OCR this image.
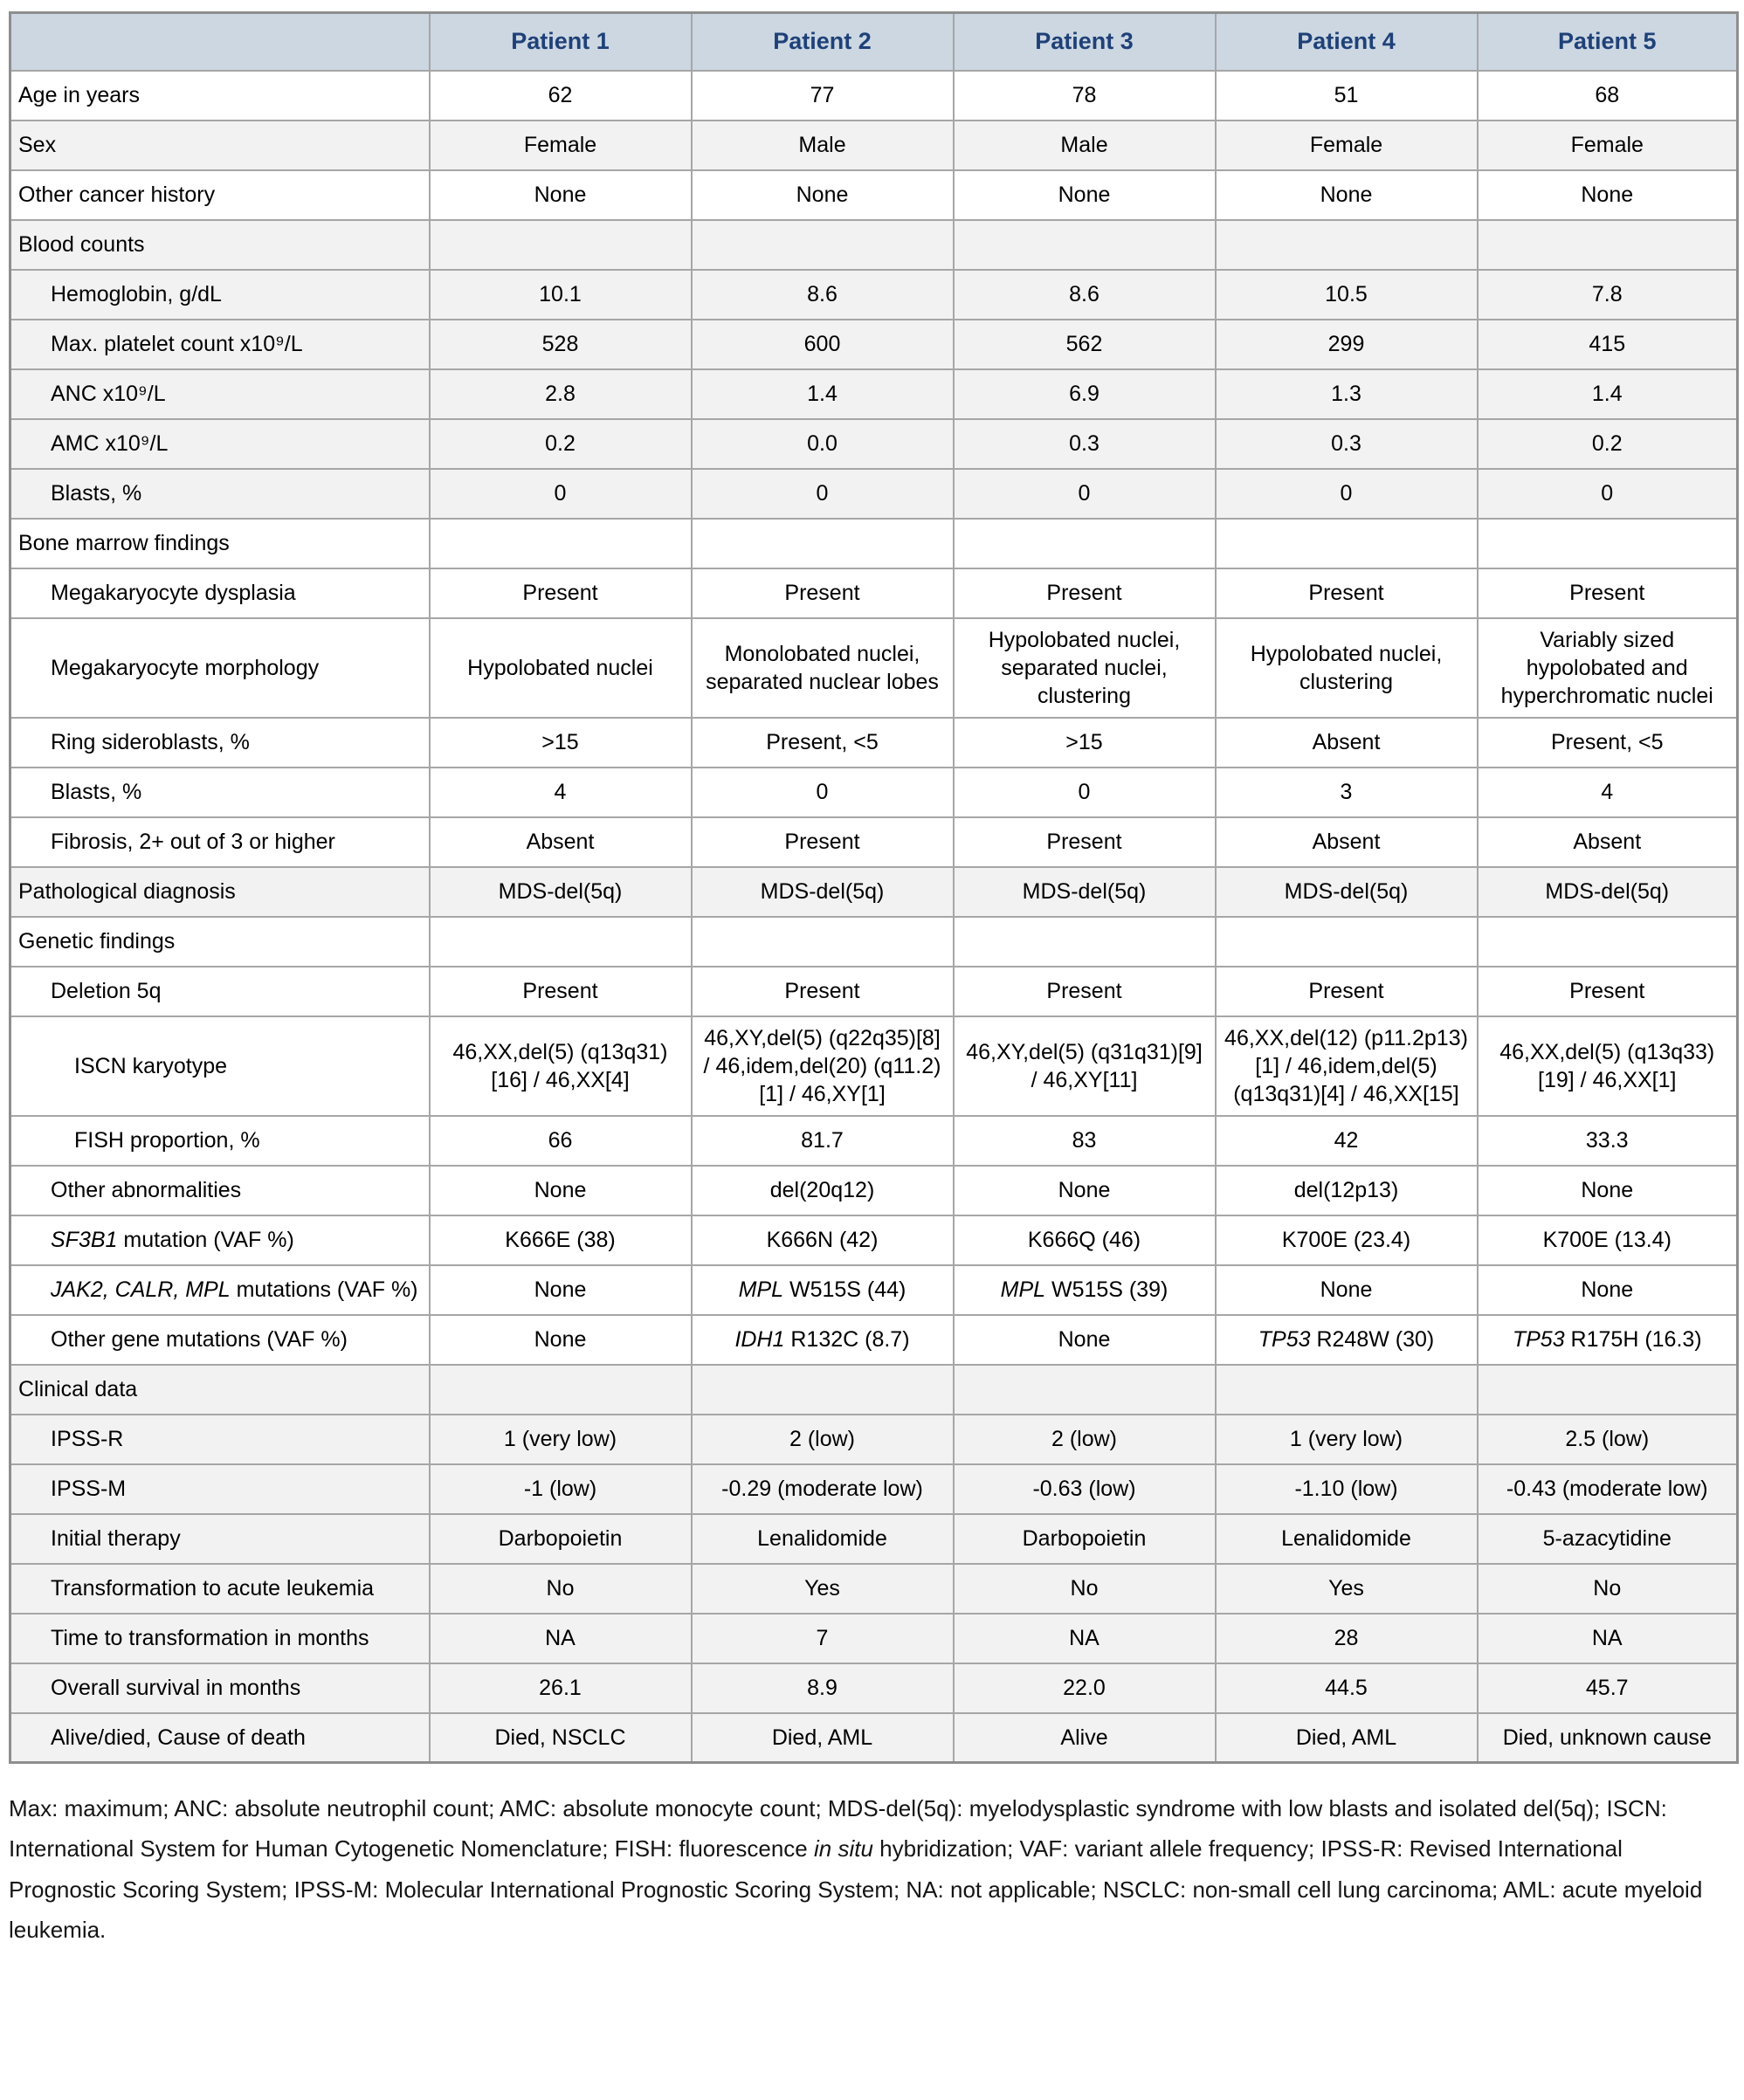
	Patient 1	Patient 2	Patient 3	Patient 4	Patient 5
Age in years	62	77	78	51	68
Sex	Female	Male	Male	Female	Female
Other cancer history	None	None	None	None	None
Blood counts					
Hemoglobin, g/dL	10.1	8.6	8.6	10.5	7.8
Max. platelet count x10⁹/L	528	600	562	299	415
ANC x10⁹/L	2.8	1.4	6.9	1.3	1.4
AMC x10⁹/L	0.2	0.0	0.3	0.3	0.2
Blasts, %	0	0	0	0	0
Bone marrow findings					
Megakaryocyte dysplasia	Present	Present	Present	Present	Present
Megakaryocyte morphology	Hypolobated nuclei	Monolobated nuclei, separated nuclear lobes	Hypolobated nuclei, separated nuclei, clustering	Hypolobated nuclei, clustering	Variably sized hypolobated and hyperchromatic nuclei
Ring sideroblasts, %	>15	Present, <5	>15	Absent	Present, <5
Blasts, %	4	0	0	3	4
Fibrosis, 2+ out of 3 or higher	Absent	Present	Present	Absent	Absent
Pathological diagnosis	MDS-del(5q)	MDS-del(5q)	MDS-del(5q)	MDS-del(5q)	MDS-del(5q)
Genetic findings					
Deletion 5q	Present	Present	Present	Present	Present
ISCN karyotype	46,XX,del(5) (q13q31)[16] / 46,XX[4]	46,XY,del(5) (q22q35)[8] / 46,idem,del(20) (q11.2)[1] / 46,XY[1]	46,XY,del(5) (q31q31)[9] / 46,XY[11]	46,XX,del(12) (p11.2p13)[1] / 46,idem,del(5) (q13q31)[4] / 46,XX[15]	46,XX,del(5) (q13q33)[19] / 46,XX[1]
FISH proportion, %	66	81.7	83	42	33.3
Other abnormalities	None	del(20q12)	None	del(12p13)	None
SF3B1 mutation (VAF %)	K666E (38)	K666N (42)	K666Q (46)	K700E (23.4)	K700E (13.4)
JAK2, CALR, MPL mutations (VAF %)	None	MPL W515S (44)	MPL W515S (39)	None	None
Other gene mutations (VAF %)	None	IDH1 R132C (8.7)	None	TP53 R248W (30)	TP53 R175H (16.3)
Clinical data					
IPSS-R	1 (very low)	2 (low)	2 (low)	1 (very low)	2.5 (low)
IPSS-M	-1 (low)	-0.29 (moderate low)	-0.63 (low)	-1.10 (low)	-0.43 (moderate low)
Initial therapy	Darbopoietin	Lenalidomide	Darbopoietin	Lenalidomide	5-azacytidine
Transformation to acute leukemia	No	Yes	No	Yes	No
Time to transformation in months	NA	7	NA	28	NA
Overall survival in months	26.1	8.9	22.0	44.5	45.7
Alive/died, Cause of death	Died, NSCLC	Died, AML	Alive	Died, AML	Died, unknown cause

Max: maximum; ANC: absolute neutrophil count; AMC: absolute monocyte count; MDS-del(5q): myelodysplastic syndrome with low blasts and isolated del(5q); ISCN: International System for Human Cytogenetic Nomenclature; FISH: fluorescence in situ hybridization; VAF: variant allele frequency; IPSS-R: Revised International Prognostic Scoring System; IPSS-M: Molecular International Prognostic Scoring System; NA: not applicable; NSCLC: non-small cell lung carcinoma; AML: acute myeloid leukemia.
